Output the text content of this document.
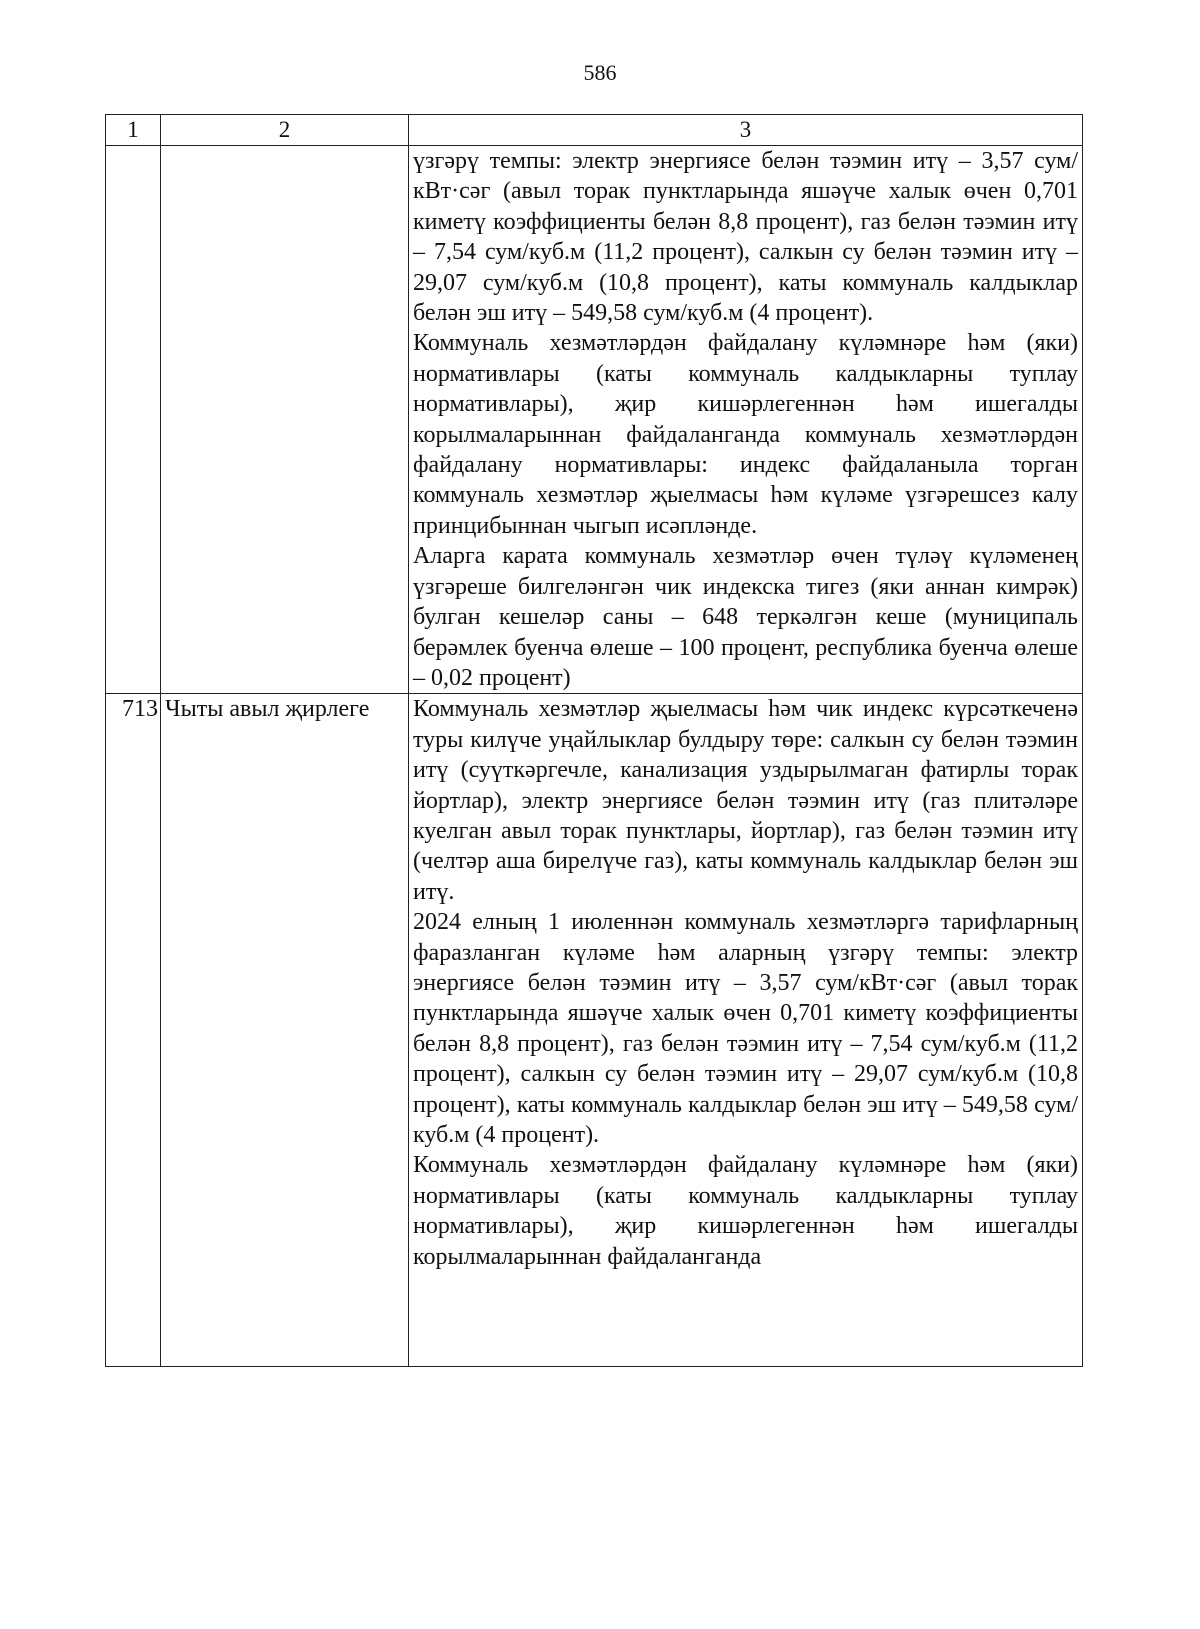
586
1	2	3

		үзгәрү темпы: электр энергиясе белән тәэмин итү – 3,57 сум/кВт·сәг (авыл торак пунктларында яшәүче халык өчен 0,701 киметү коэффициенты белән 8,8 процент), газ белән тәэмин итү – 7,54 сум/куб.м (11,2 процент), салкын су белән тәэмин итү – 29,07 сум/куб.м (10,8 процент), каты коммуналь калдыклар белән эш итү – 549,58 сум/куб.м (4 процент).

Коммуналь хезмәтләрдән файдалану күләмнәре һәм (яки) нормативлары (каты коммуналь калдыкларны туплау нормативлары), җир кишәрлегеннән һәм ишегалды корылмаларыннан файдаланганда коммуналь хезмәтләрдән файдалану нормативлары: индекс файдаланыла торган коммуналь хезмәтләр җыелмасы һәм күләме үзгәрешсез калу принцибыннан чыгып исәпләнде.

Аларга карата коммуналь хезмәтләр өчен түләү күләменең үзгәреше билгеләнгән чик индекска тигез (яки аннан кимрәк) булган кешеләр саны – 648 теркәлгән кеше (муниципаль берәмлек буенча өлеше – 100 процент, республика буенча өлеше – 0,02 процент)

713	Чыты авыл җирлеге	Коммуналь хезмәтләр җыелмасы һәм чик индекс күрсәткеченә туры килүче уңайлыклар булдыру төре: салкын су белән тәэмин итү (суүткәргечле, канализация уздырылмаган фатирлы торак йортлар), электр энергиясе белән тәэмин итү (газ плитәләре куелган авыл торак пунктлары, йортлар), газ белән тәэмин итү (челтәр аша бирелүче газ), каты коммуналь калдыклар белән эш итү.

2024 елның 1 июленнән коммуналь хезмәтләргә тарифларның фаразланган күләме һәм аларның үзгәрү темпы: электр энергиясе белән тәэмин итү – 3,57 сум/кВт·сәг (авыл торак пунктларында яшәүче халык өчен 0,701 киметү коэффициенты белән 8,8 процент), газ белән тәэмин итү – 7,54 сум/куб.м (11,2 процент), салкын су белән тәэмин итү – 29,07 сум/куб.м (10,8 процент), каты коммуналь калдыклар белән эш итү – 549,58 сум/куб.м (4 процент).

Коммуналь хезмәтләрдән файдалану күләмнәре һәм (яки) нормативлары (каты коммуналь калдыкларны туплау нормативлары), җир кишәрлегеннән һәм ишегалды корылмаларыннан файдаланганда
